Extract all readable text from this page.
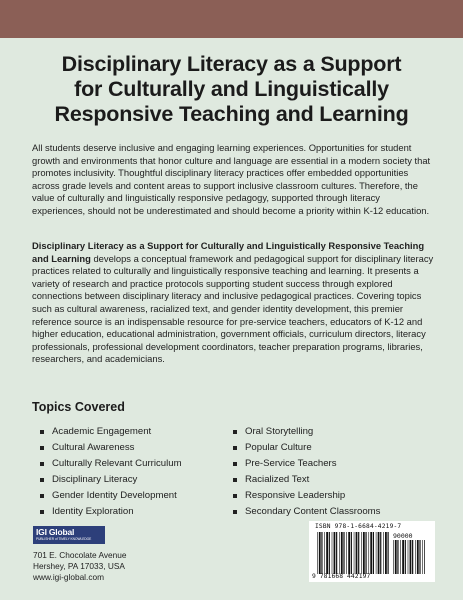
Disciplinary Literacy as a Support
for Culturally and Linguistically
Responsive Teaching and Learning
All students deserve inclusive and engaging learning experiences. Opportunities for student growth and environments that honor culture and language are essential in a modern society that promotes inclusivity. Thoughtful disciplinary literacy practices offer embedded opportunities across grade levels and content areas to support inclusive classroom cultures. Therefore, the value of culturally and linguistically responsive pedagogy, supported through literacy experiences, should not be underestimated and should become a priority within K-12 education.
Disciplinary Literacy as a Support for Culturally and Linguistically Responsive Teaching and Learning develops a conceptual framework and pedagogical support for disciplinary literacy practices related to culturally and linguistically responsive teaching and learning. It presents a variety of research and practice protocols supporting student success through explored connections between disciplinary literacy and inclusive pedagogical practices. Covering topics such as cultural awareness, racialized text, and gender identity development, this premier reference source is an indispensable resource for pre-service teachers, educators of K-12 and higher education, educational administration, government officials, curriculum directors, literacy professionals, professional development coordinators, teacher preparation programs, libraries, researchers, and academicians.
Topics Covered
Academic Engagement
Cultural Awareness
Culturally Relevant Curriculum
Disciplinary Literacy
Gender Identity Development
Identity Exploration
Oral Storytelling
Popular Culture
Pre-Service Teachers
Racialized Text
Responsive Leadership
Secondary Content Classrooms
IGI Global
PUBLISHER of TIMELY KNOWLEDGE
701 E. Chocolate Avenue
Hershey, PA 17033, USA
www.igi-global.com
ISBN 978-1-6684-4219-7
90000
9 781668 442197
